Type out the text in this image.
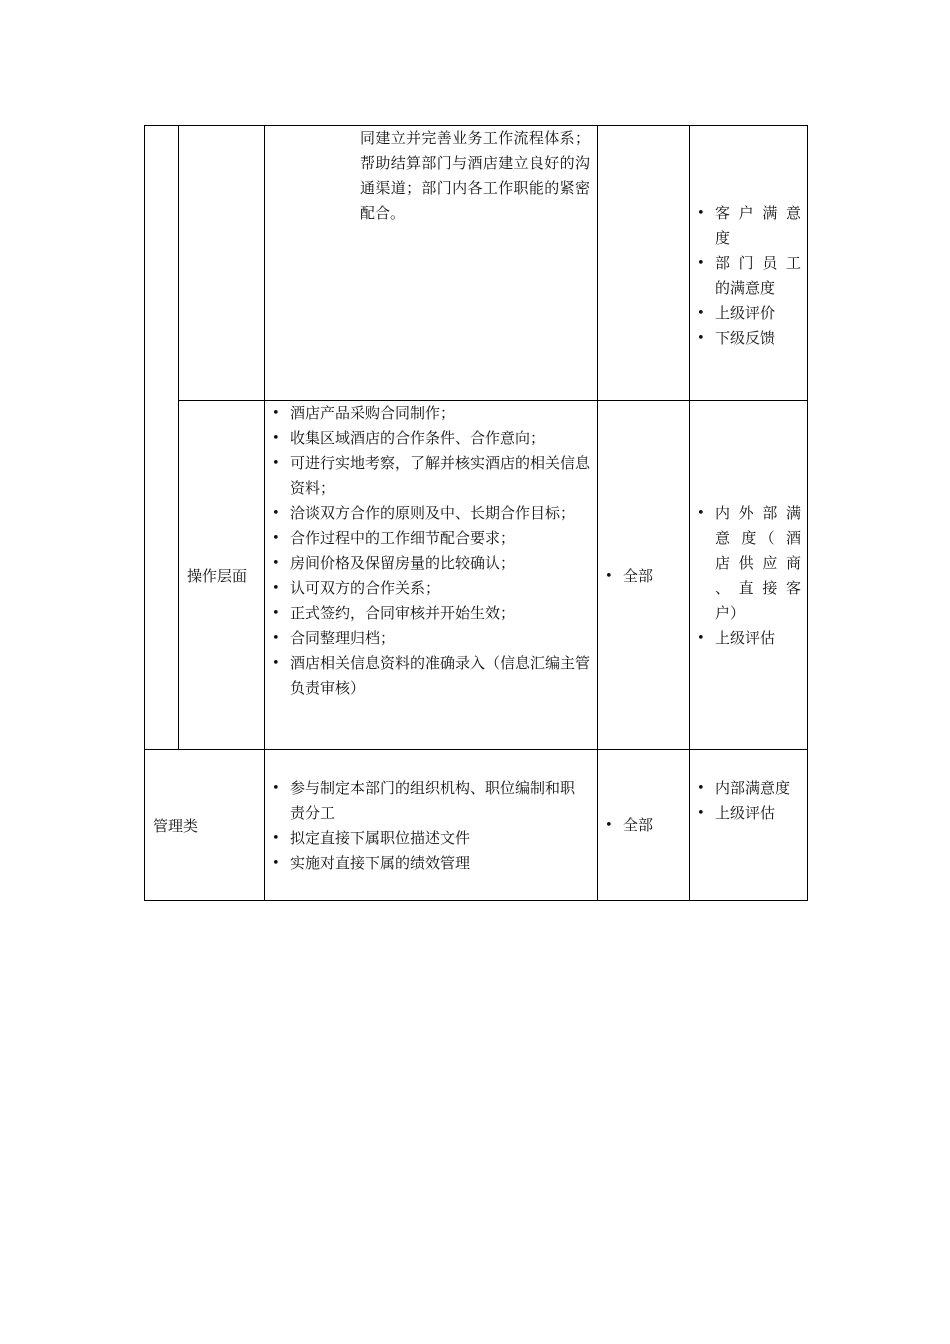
同建立并完善业务工作流程体系；帮助结算部门与酒店建立良好的沟通渠道；部门内各工作职能的紧密配合。
•	客 户 满 意 度
• 部 门 员 工 的满意度
• 上级评价
• 下级反馈
操作层面
• 酒店产品采购合同制作；
• 收集区域酒店的合作条件、合作意向；
• 可进行实地考察，了解并核实酒店的相关信息资料；
• 洽谈双方合作的原则及中、长期合作目标；
• 合作过程中的工作细节配合要求；
• 房间价格及保留房量的比较确认；
• 认可双方的合作关系；
• 正式签约，合同审核并开始生效；
• 合同整理归档；
• 酒店相关信息资料的准确录入（信息汇编主管负责审核）
• 全部
• 内 外 部 满 意 度（ 酒 店 供 应 商 、 直 接 客户）
• 上级评估
管理类
• 参与制定本部门的组织机构、职位编制和职责分工
• 拟定直接下属职位描述文件
• 实施对直接下属的绩效管理
• 全部
• 内部满意度
• 上级评估
